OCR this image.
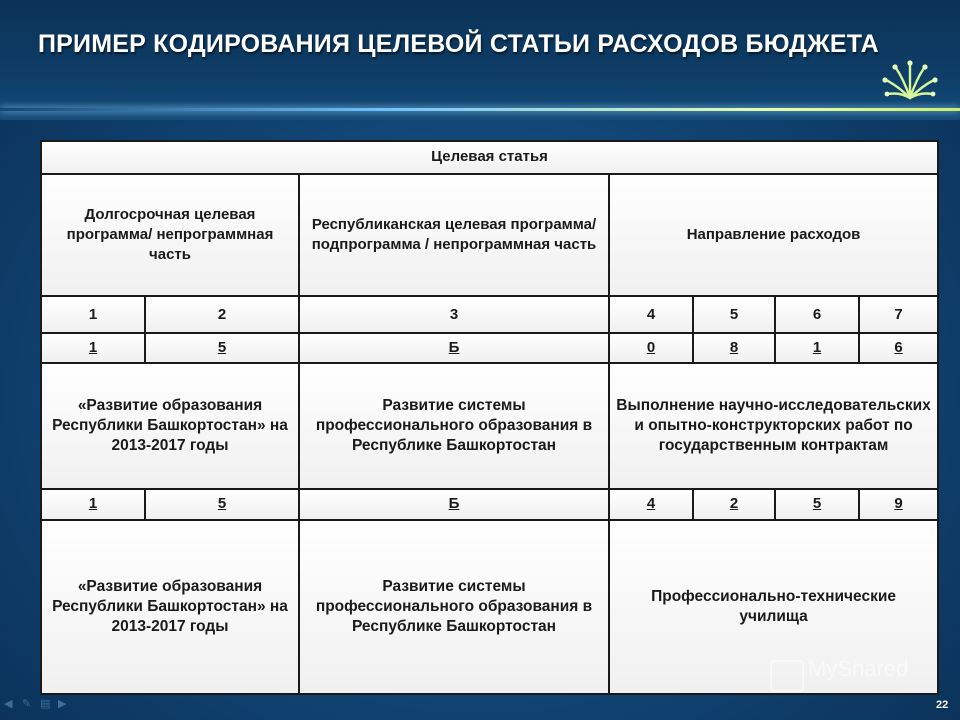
ПРИМЕР КОДИРОВАНИЯ ЦЕЛЕВОЙ СТАТЬИ РАСХОДОВ БЮДЖЕТА
Целевая статья						
Долгосрочная целевая программа/ непрограммная часть		Республиканская целевая программа/ подпрограмма / непрограммная часть	Направление расходов			
1	2	3	4	5	6	7
1	5	Б	0	8	1	6
«Развитие образования Республики Башкортостан» на 2013-2017 годы		Развитие системы профессионального образования в Республике Башкортостан	Выполнение научно-исследовательских и опытно-конструкторских работ по государственным контрактам			
1	5	Б	4	2	5	9
«Развитие образования Республики Башкортостан» на 2013-2017 годы		Развитие системы профессионального образования в Республике Башкортостан	Профессионально-технические училища			
MyShared
◀ ✎ ▤ ▶	22
